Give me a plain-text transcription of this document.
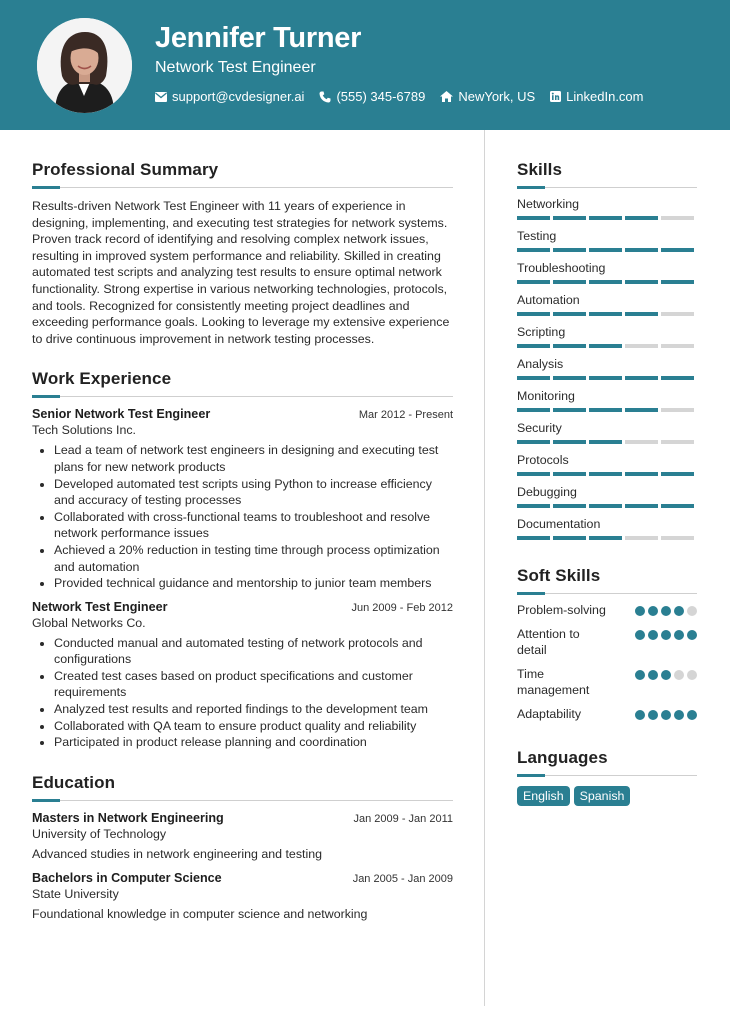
Jennifer Turner
Network Test Engineer
support@cvdesigner.ai (555) 345-6789	NewYork, US LinkedIn.com
Professional Summary

Results-driven Network Test Engineer with 11 years of experience in designing, implementing, and executing test strategies for network systems. Proven track record of identifying and resolving complex network issues, resulting in improved system performance and reliability. Skilled in creating automated test scripts and analyzing test results to ensure optimal network functionality. Strong expertise in various networking technologies, protocols, and tools. Recognized for consistently meeting project deadlines and exceeding performance goals. Looking to leverage my extensive experience to drive continuous improvement in network testing processes.

Work Experience
Senior Network Test Engineer	Mar 2012 - Present
Tech Solutions Inc.
• Lead a team of network test engineers in designing and executing test plans for new network products
• Developed automated test scripts using Python to increase efficiency and accuracy of testing processes
• Collaborated with cross-functional teams to troubleshoot and resolve network performance issues
• Achieved a 20% reduction in testing time through process optimization and automation
• Provided technical guidance and mentorship to junior team members
Network Test Engineer	Jun 2009 - Feb 2012
Global Networks Co.
• Conducted manual and automated testing of network protocols and configurations
• Created test cases based on product specifications and customer requirements
• Analyzed test results and reported findings to the development team
• Collaborated with QA team to ensure product quality and reliability
• Participated in product release planning and coordination
Education
Masters in Network Engineering	Jan 2009 - Jan 2011
University of Technology
Advanced studies in network engineering and testing
Bachelors in Computer Science	Jan 2005 - Jan 2009
State University
Foundational knowledge in computer science and networking
Skills
Networking
Testing
Troubleshooting
Automation
Scripting
Analysis
Monitoring
Security
Protocols
Debugging
Documentation
Soft Skills
Problem-solving
Attention to detail
Time management
Adaptability
Languages
English	Spanish
